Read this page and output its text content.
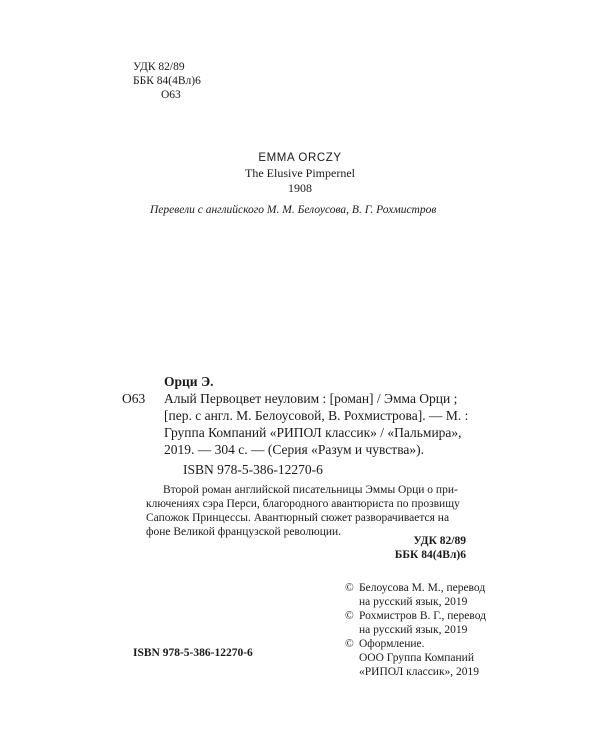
УДК 82/89
ББК 84(4Вл)6
О63
EMMA ORCZY
The Elusive Pimpernel
1908
Перевели с английского М. М. Белоусова, В. Г. Рохмистров
Орци Э.
О63 Алый Первоцвет неуловим : [роман] / Эмма Орци ;
[пер. с англ. М. Белоусовой, В. Рохмистрова]. — М. :
Группа Компаний «РИПОЛ классик» / «Пальмира»,
2019. — 304 с. — (Серия «Разум и чувства»).
ISBN 978-5-386-12270-6
Второй роман английской писательницы Эммы Орци о при-
ключениях сэра Перси, благородного авантюриста по прозвищу
Сапожок Принцессы. Авантюрный сюжет разворачивается на
фоне Великой французской революции.
УДК 82/89
ББК 84(4Вл)6
© Белоусова М. М., перевод
на русский язык, 2019
© Рохмистров В. Г., перевод
на русский язык, 2019
© Оформление.
ООО Группа Компаний
«РИПОЛ классик», 2019
ISBN 978-5-386-12270-6
